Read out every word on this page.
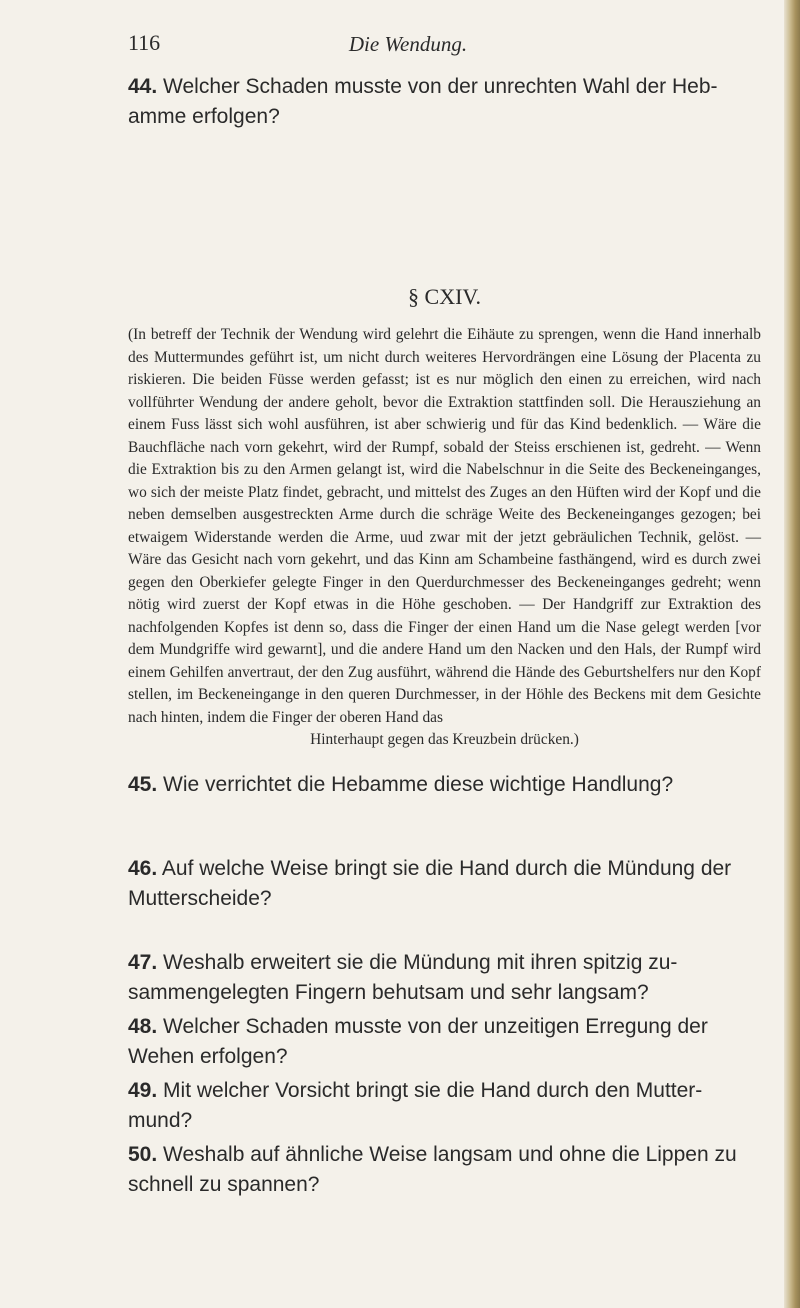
116	Die Wendung.

44. Welcher Schaden musste von der unrechten Wahl der Heb-amme erfolgen?

§ CXIV.

(In betreff der Technik der Wendung wird gelehrt die Eihäute zu sprengen, wenn die Hand innerhalb des Muttermundes geführt ist, um nicht durch weiteres Hervordrängen eine Lösung der Placenta zu riskieren. Die beiden Füsse werden gefasst; ist es nur möglich den einen zu erreichen, wird nach vollführter Wendung der andere geholt, bevor die Extraktion stattfinden soll. Die Herausziehung an einem Fuss lässt sich wohl ausführen, ist aber schwierig und für das Kind bedenklich. — Wäre die Bauchfläche nach vorn gekehrt, wird der Rumpf, sobald der Steiss erschienen ist, gedreht. — Wenn die Extraktion bis zu den Armen gelangt ist, wird die Nabelschnur in die Seite des Beckeneinganges, wo sich der meiste Platz findet, gebracht, und mittelst des Zuges an den Hüften wird der Kopf und die neben demselben ausgestreckten Arme durch die schräge Weite des Beckeneinganges gezogen; bei etwaigem Widerstande werden die Arme, uud zwar mit der jetzt gebräulichen Technik, gelöst. — Wäre das Gesicht nach vorn gekehrt, und das Kinn am Schambeine fasthängend, wird es durch zwei gegen den Oberkiefer gelegte Finger in den Querdurchmesser des Beckeneinganges gedreht; wenn nötig wird zuerst der Kopf etwas in die Höhe geschoben. — Der Handgriff zur Extraktion des nachfolgenden Kopfes ist denn so, dass die Finger der einen Hand um die Nase gelegt werden [vor dem Mundgriffe wird gewarnt], und die andere Hand um den Nacken und den Hals, der Rumpf wird einem Gehilfen anvertraut, der den Zug ausführt, während die Hände des Geburtshelfers nur den Kopf stellen, im Beckeneingange in den queren Durchmesser, in der Höhle des Beckens mit dem Gesichte nach hinten, indem die Finger der oberen Hand das
Hinterhaupt gegen das Kreuzbein drücken.)

45. Wie verrichtet die Hebamme diese wichtige Handlung?

46. Auf welche Weise bringt sie die Hand durch die Mündung der Mutterscheide?

47. Weshalb erweitert sie die Mündung mit ihren spitzig zu-sammengelegten Fingern behutsam und sehr langsam?

48. Welcher Schaden musste von der unzeitigen Erregung der Wehen erfolgen?

49. Mit welcher Vorsicht bringt sie die Hand durch den Mutter-mund?

50. Weshalb auf ähnliche Weise langsam und ohne die Lippen zu schnell zu spannen?
